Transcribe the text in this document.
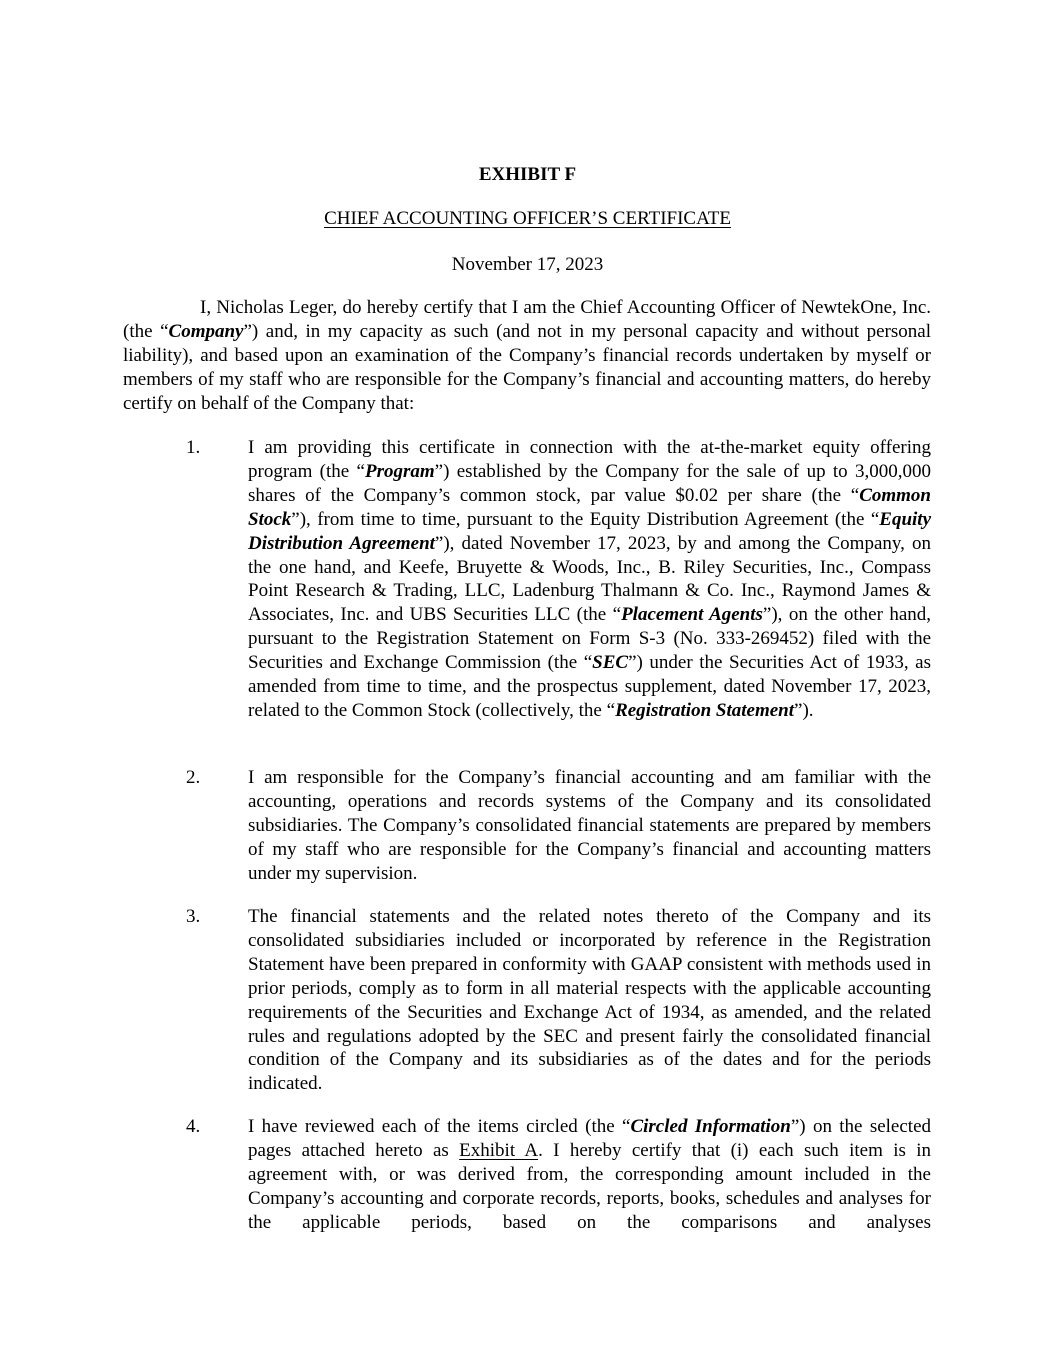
EXHIBIT F

CHIEF ACCOUNTING OFFICER’S CERTIFICATE

November 17, 2023

I, Nicholas Leger, do hereby certify that I am the Chief Accounting Officer of NewtekOne, Inc. (the “Company”) and, in my capacity as such (and not in my personal capacity and without personal liability), and based upon an examination of the Company’s financial records undertaken by myself or members of my staff who are responsible for the Company’s financial and accounting matters, do hereby certify on behalf of the Company that:

1.	I am providing this certificate in connection with the at-the-market equity offering program (the “Program”) established by the Company for the sale of up to 3,000,000 shares of the Company’s common stock, par value $0.02 per share (the “Common Stock”), from time to time, pursuant to the Equity Distribution Agreement (the “Equity Distribution Agreement”), dated November 17, 2023, by and among the Company, on the one hand, and Keefe, Bruyette & Woods, Inc., B. Riley Securities, Inc., Compass Point Research & Trading, LLC, Ladenburg Thalmann & Co. Inc., Raymond James & Associates, Inc. and UBS Securities LLC (the “Placement Agents”), on the other hand, pursuant to the Registration Statement on Form S-3 (No. 333-269452) filed with the Securities and Exchange Commission (the “SEC”) under the Securities Act of 1933, as amended from time to time, and the prospectus supplement, dated November 17, 2023, related to the Common Stock (collectively, the “Registration Statement”).

2.	I am responsible for the Company’s financial accounting and am familiar with the accounting, operations and records systems of the Company and its consolidated subsidiaries. The Company’s consolidated financial statements are prepared by members of my staff who are responsible for the Company’s financial and accounting matters under my supervision.

3.	The financial statements and the related notes thereto of the Company and its consolidated subsidiaries included or incorporated by reference in the Registration Statement have been prepared in conformity with GAAP consistent with methods used in prior periods, comply as to form in all material respects with the applicable accounting requirements of the Securities and Exchange Act of 1934, as amended, and the related rules and regulations adopted by the SEC and present fairly the consolidated financial condition of the Company and its subsidiaries as of the dates and for the periods indicated.

4.	I have reviewed each of the items circled (the “Circled Information”) on the selected pages attached hereto as Exhibit A. I hereby certify that (i) each such item is in agreement with, or was derived from, the corresponding amount included in the Company’s accounting and corporate records, reports, books, schedules and analyses for the applicable periods, based on the comparisons and analyses
